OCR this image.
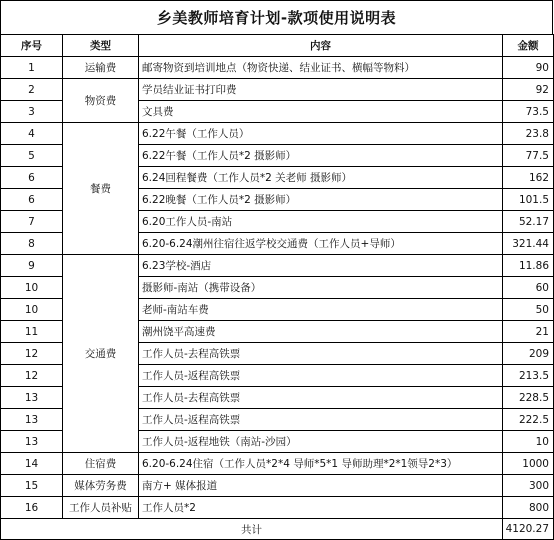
乡美教师培育计划-款项使用说明表
序号	类型	内容	金额
1	运输费	邮寄物资到培训地点（物资快递、结业证书、横幅等物料）	90
2	物资费	学员结业证书打印费	92
3		文具费	73.5
4	餐费	6.22午餐（工作人员）	23.8
5		6.22午餐（工作人员*2 摄影师）	77.5
6		6.24回程餐费（工作人员*2 关老师 摄影师）	162
6		6.22晚餐（工作人员*2 摄影师）	101.5
7		6.20工作人员-南站	52.17
8		6.20-6.24潮州往宿往返学校交通费（工作人员+导师）	321.44
9	交通费	6.23学校-酒店	11.86
10		摄影师-南站（携带设备）	60
10		老师-南站车费	50
11		潮州饶平高速费	21
12		工作人员-去程高铁票	209
12		工作人员-返程高铁票	213.5
13		工作人员-去程高铁票	228.5
13		工作人员-返程高铁票	222.5
13		工作人员-返程地铁（南站-沙园）	10
14	住宿费	6.20-6.24住宿（工作人员*2*4 导师*5*1 导师助理*2*1领导2*3）	1000
15	媒体劳务费	南方+ 媒体报道	300
16	工作人员补贴	工作人员*2	800
共计			4120.27
